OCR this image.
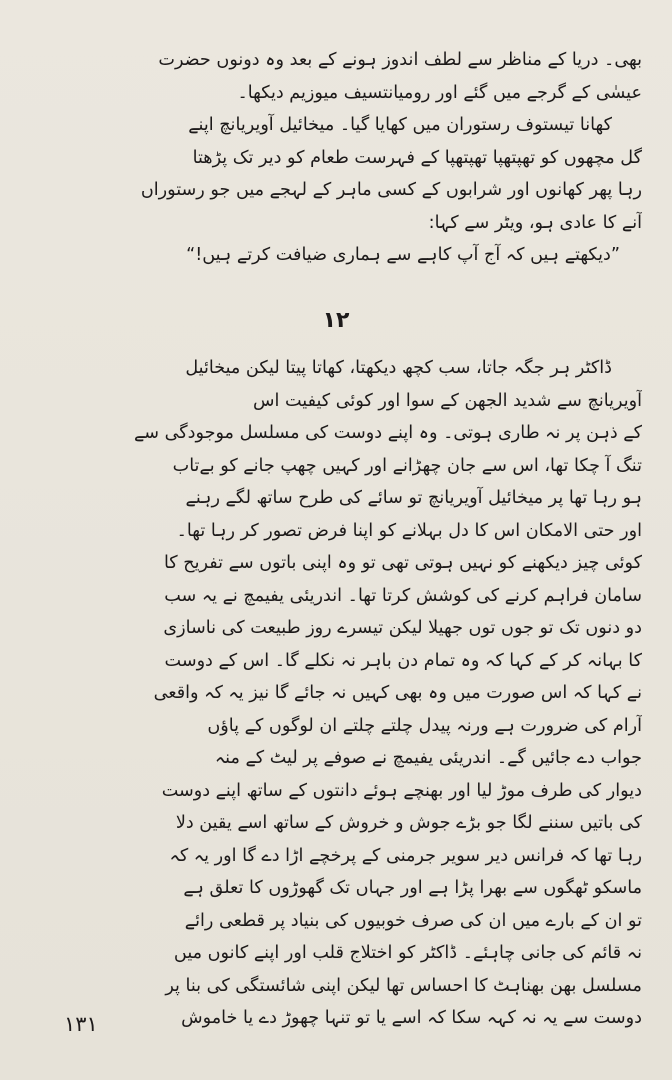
بھی۔ دریا کے مناظر سے لطف اندوز ہونے کے بعد وہ دونوں حضرت
عیسٰی کے گرجے میں گئے اور رومیانتسیف میوزیم دیکھا۔
کھانا تیستوف رستوران میں کھایا گیا۔ میخائیل آویریانچ اپنے
گل مچھوں کو تھپتھپا تھپتھپا کے فہرست طعام کو دیر تک پڑھتا
رہا پھر کھانوں اور شرابوں کے کسی ماہر کے لہجے میں جو رستوراں
آنے کا عادی ہو، ویٹر سے کہا:
”دیکھتے ہیں کہ آج آپ کاہے سے ہماری ضیافت کرتے ہیں!“
۱۲
ڈاکٹر ہر جگہ جاتا، سب کچھ دیکھتا، کھاتا پیتا لیکن میخائیل
آویریانچ سے شدید الجھن کے سوا اور کوئی کیفیت اس
کے ذہن پر نہ طاری ہوتی۔ وہ اپنے دوست کی مسلسل موجودگی سے
تنگ آ چکا تھا، اس سے جان چھڑانے اور کہیں چھپ جانے کو بےتاب
ہو رہا تھا پر میخائیل آویریانچ تو سائے کی طرح ساتھ لگے رہنے
اور حتی الامکان اس کا دل بہلانے کو اپنا فرض تصور کر رہا تھا۔
کوئی چیز دیکھنے کو نہیں ہوتی تھی تو وہ اپنی باتوں سے تفریح کا
سامان فراہم کرنے کی کوشش کرتا تھا۔ اندریئی یفیمچ نے یہ سب
دو دنوں تک تو جوں توں جھیلا لیکن تیسرے روز طبیعت کی ناسازی
کا بہانہ کر کے کہا کہ وہ تمام دن باہر نہ نکلے گا۔ اس کے دوست
نے کہا کہ اس صورت میں وہ بھی کہیں نہ جائے گا نیز یہ کہ واقعی
آرام کی ضرورت ہے ورنہ پیدل چلتے چلتے ان لوگوں کے پاؤں
جواب دے جائیں گے۔ اندریئی یفیمچ نے صوفے پر لیٹ کے منہ
دیوار کی طرف موڑ لیا اور بھنچے ہوئے دانتوں کے ساتھ اپنے دوست
کی باتیں سننے لگا جو بڑے جوش و خروش کے ساتھ اسے یقین دلا
رہا تھا کہ فرانس دیر سویر جرمنی کے پرخچے اڑا دے گا اور یہ کہ
ماسکو ٹھگوں سے بھرا پڑا ہے اور جہاں تک گھوڑوں کا تعلق ہے
تو ان کے بارے میں ان کی صرف خوبیوں کی بنیاد پر قطعی رائے
نہ قائم کی جانی چاہئے۔ ڈاکٹر کو اختلاج قلب اور اپنے کانوں میں
مسلسل بھن بھناہٹ کا احساس تھا لیکن اپنی شائستگی کی بنا پر
دوست سے یہ نہ کہہ سکا کہ اسے یا تو تنہا چھوڑ دے یا خاموش
۱۳۱
